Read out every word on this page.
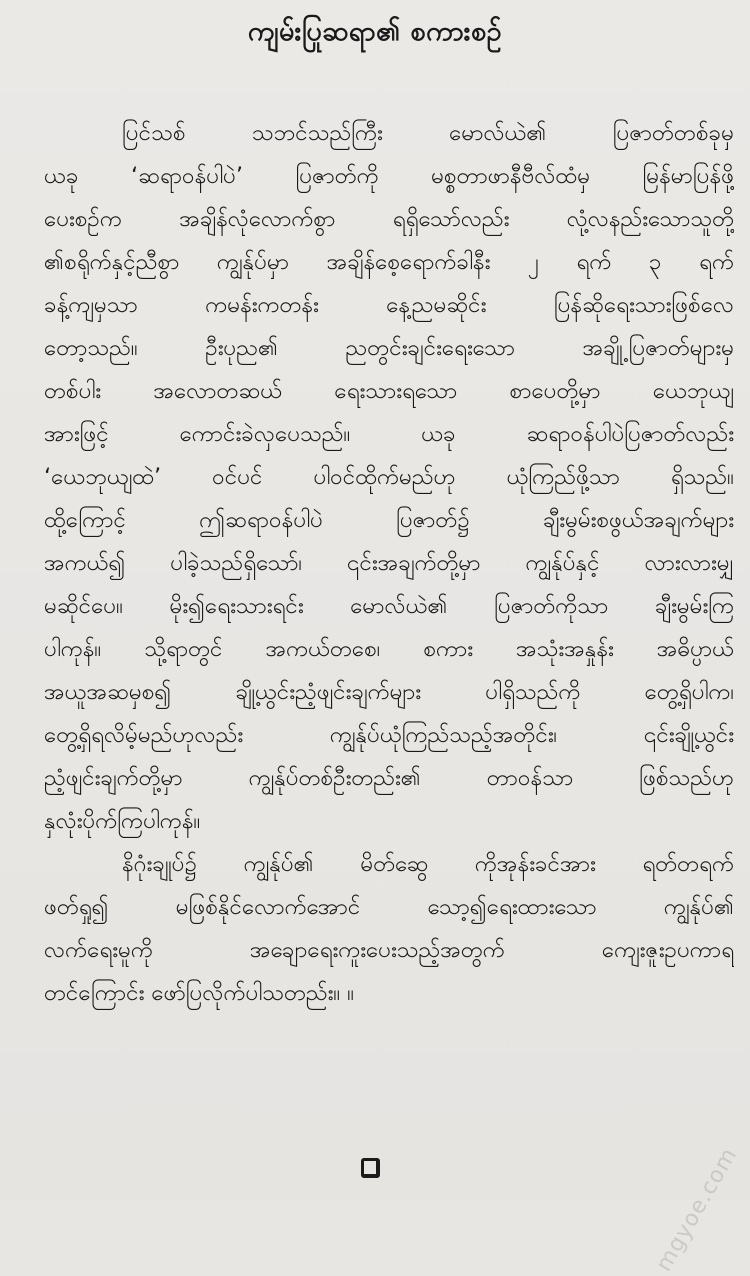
ကျမ်းပြုဆရာ၏ စကားစဉ်
ပြင်သစ် သဘင်သည်ကြီး မောလ်ယဲ၏ ပြဇာတ်တစ်ခုမှ
ယခု ‘ဆရာဝန်ပါပဲ’ ပြဇာတ်ကို မစ္စတာဖာနီဗီလ်ထံမှ မြန်မာပြန်ဖို့
ပေးစဉ်က အချိန်လုံလောက်စွာ ရရှိသော်လည်း လုံ့လနည်းသောသူတို့
၏စရိုက်နှင့်ညီစွာ ကျွန်ုပ်မှာ အချိန်စေ့ရောက်ခါနီး ၂ ရက် ၃ ရက်
ခန့်ကျမှသာ ကမန်းကတန်း နေ့ညမဆိုင်း ပြန်ဆိုရေးသားဖြစ်လေ
တော့သည်။ ဦးပုည၏ ညတွင်းချင်းရေးသော အချို့ပြဇာတ်များမှ
တစ်ပါး အလောတဆယ် ရေးသားရသော စာပေတို့မှာ ယေဘုယျ
အားဖြင့် ကောင်းခဲလှပေသည်။ ယခု ဆရာဝန်ပါပဲပြဇာတ်လည်း
‘ယေဘုယျထဲ’ ဝင်ပင် ပါဝင်ထိုက်မည်ဟု ယုံကြည်ဖို့သာ ရှိသည်။
ထို့ကြောင့် ဤဆရာဝန်ပါပဲ ပြဇာတ်၌ ချီးမွမ်းစဖွယ်အချက်များ
အကယ်၍ ပါခဲ့သည်ရှိသော်၊ ၎င်းအချက်တို့မှာ ကျွန်ုပ်နှင့် လားလားမျှ
မဆိုင်ပေ။ မိုး၍ရေးသားရင်း မောလ်ယဲ၏ ပြဇာတ်ကိုသာ ချီးမွမ်းကြ
ပါကုန်။ သို့ရာတွင် အကယ်တစေ၊ စကား အသုံးအနှုန်း အဓိပ္ပာယ်
အယူအဆမှစ၍ ချို့ယွင်းညံ့ဖျင်းချက်များ ပါရှိသည်ကို တွေ့ရှိပါက၊
တွေ့ရှိရလိမ့်မည်ဟုလည်း ကျွန်ုပ်ယုံကြည်သည့်အတိုင်း၊ ၎င်းချို့ယွင်း
ညံ့ဖျင်းချက်တို့မှာ ကျွန်ုပ်တစ်ဦးတည်း၏ တာဝန်သာ ဖြစ်သည်ဟု
နှလုံးပိုက်ကြပါကုန်။
နိဂုံးချုပ်၌ ကျွန်ုပ်၏ မိတ်ဆွေ ကိုအုန်းခင်အား ရတ်တရက်
ဖတ်ရှု၍ မဖြစ်နိုင်လောက်အောင် သော့၍ရေးထားသော ကျွန်ုပ်၏
လက်ရေးမူကို အချောရေးကူးပေးသည့်အတွက် ကျေးဇူးဥပကာရ
တင်ကြောင်း ဖော်ပြလိုက်ပါသတည်း။ ။
mgyoe.com
